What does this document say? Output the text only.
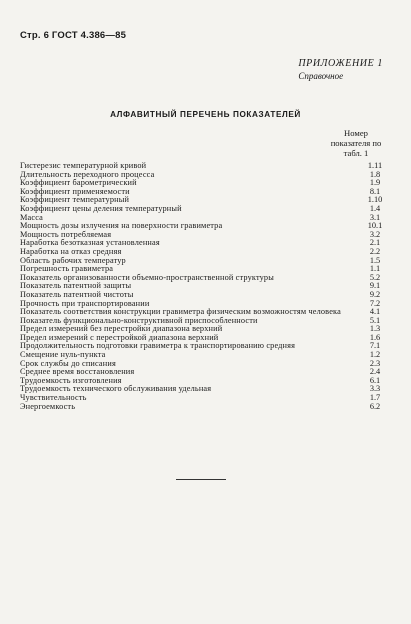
Стр. 6 ГОСТ 4.386—85
ПРИЛОЖЕНИЕ 1
Справочное
АЛФАВИТНЫЙ ПЕРЕЧЕНЬ ПОКАЗАТЕЛЕЙ
Номер показателя по табл. 1
Гистерезис температурной кривой	1.11
Длительность переходного процесса	1.8
Коэффициент барометрический	1.9
Коэффициент применяемости	8.1
Коэффициент температурный	1.10
Коэффициент цены деления температурный	1.4
Масса	3.1
Мощность дозы излучения на поверхности гравиметра	10.1
Мощность потребляемая	3.2
Наработка безотказная установленная	2.1
Наработка на отказ средняя	2.2
Область рабочих температур	1.5
Погрешность гравиметра	1.1
Показатель организованности объемно-пространственной структуры	5.2
Показатель патентной защиты	9.1
Показатель патентной чистоты	9.2
Прочность при транспортировании	7.2
Показатель соответствия конструкции гравиметра физическим возможностям человека	4.1
Показатель функционально-конструктивной приспособленности	5.1
Предел измерений без перестройки диапазона верхний	1.3
Предел измерений с перестройкой диапазона верхний	1.6
Продолжительность подготовки гравиметра к транспортированию средняя	7.1
Смещение нуль-пункта	1.2
Срок службы до списания	2.3
Среднее время восстановления	2.4
Трудоемкость изготовления	6.1
Трудоемкость технического обслуживания удельная	3.3
Чувствительность	1.7
Энергоемкость	6.2
